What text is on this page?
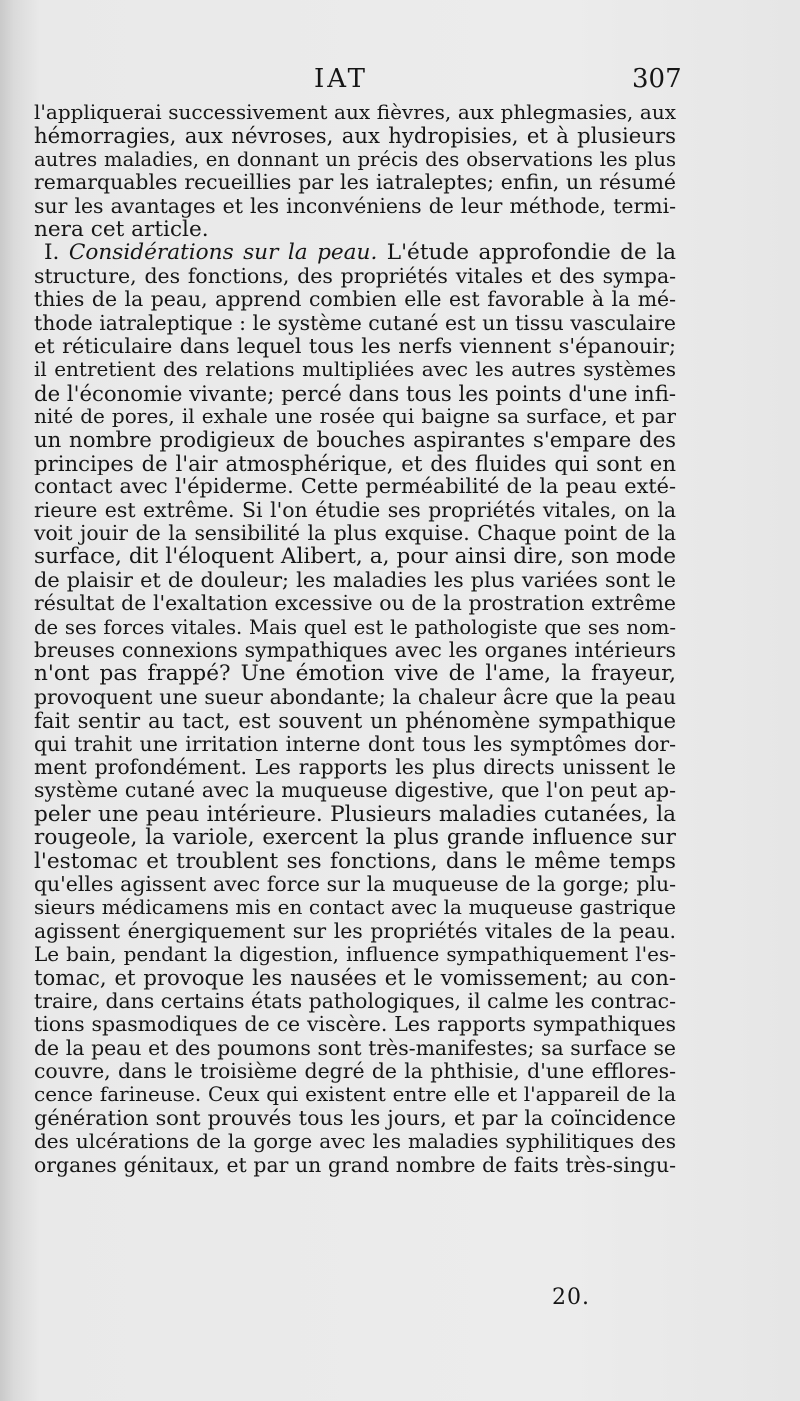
IAT	307
l'appliquerai successivement aux fièvres, aux phlegmasies, aux
hémorragies, aux névroses, aux hydropisies, et à plusieurs
autres maladies, en donnant un précis des observations les plus
remarquables recueillies par les iatraleptes; enfin, un résumé
sur les avantages et les inconvéniens de leur méthode, termi-
nera cet article.
I. Considérations sur la peau. L'étude approfondie de la
structure, des fonctions, des propriétés vitales et des sympa-
thies de la peau, apprend combien elle est favorable à la mé-
thode iatraleptique : le système cutané est un tissu vasculaire
et réticulaire dans lequel tous les nerfs viennent s'épanouir;
il entretient des relations multipliées avec les autres systèmes
de l'économie vivante; percé dans tous les points d'une infi-
nité de pores, il exhale une rosée qui baigne sa surface, et par
un nombre prodigieux de bouches aspirantes s'empare des
principes de l'air atmosphérique, et des fluides qui sont en
contact avec l'épiderme. Cette perméabilité de la peau exté-
rieure est extrême. Si l'on étudie ses propriétés vitales, on la
voit jouir de la sensibilité la plus exquise. Chaque point de la
surface, dit l'éloquent Alibert, a, pour ainsi dire, son mode
de plaisir et de douleur; les maladies les plus variées sont le
résultat de l'exaltation excessive ou de la prostration extrême
de ses forces vitales. Mais quel est le pathologiste que ses nom-
breuses connexions sympathiques avec les organes intérieurs
n'ont pas frappé? Une émotion vive de l'ame, la frayeur,
provoquent une sueur abondante; la chaleur âcre que la peau
fait sentir au tact, est souvent un phénomène sympathique
qui trahit une irritation interne dont tous les symptômes dor-
ment profondément. Les rapports les plus directs unissent le
système cutané avec la muqueuse digestive, que l'on peut ap-
peler une peau intérieure. Plusieurs maladies cutanées, la
rougeole, la variole, exercent la plus grande influence sur
l'estomac et troublent ses fonctions, dans le même temps
qu'elles agissent avec force sur la muqueuse de la gorge; plu-
sieurs médicamens mis en contact avec la muqueuse gastrique
agissent énergiquement sur les propriétés vitales de la peau.
Le bain, pendant la digestion, influence sympathiquement l'es-
tomac, et provoque les nausées et le vomissement; au con-
traire, dans certains états pathologiques, il calme les contrac-
tions spasmodiques de ce viscère. Les rapports sympathiques
de la peau et des poumons sont très-manifestes; sa surface se
couvre, dans le troisième degré de la phthisie, d'une efflores-
cence farineuse. Ceux qui existent entre elle et l'appareil de la
génération sont prouvés tous les jours, et par la coïncidence
des ulcérations de la gorge avec les maladies syphilitiques des
organes génitaux, et par un grand nombre de faits très-singu-
20.
